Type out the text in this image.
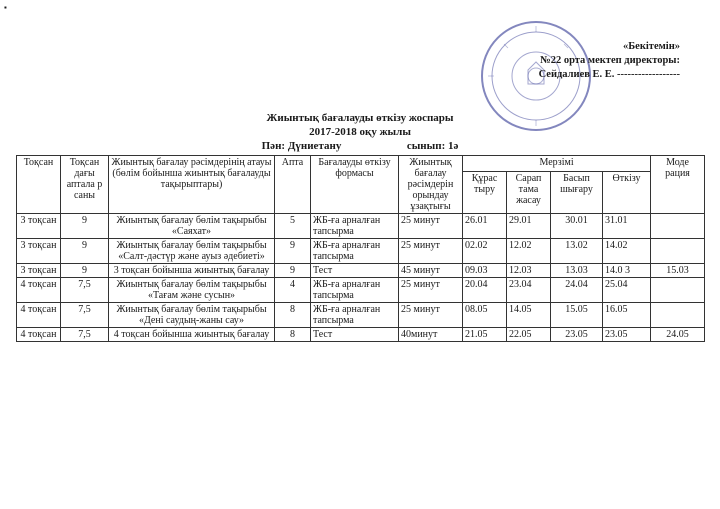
▪
«Бекітемін»
№22 орта мектеп директоры:
Сейдалиев Е. Е. ------------------
Жиынтық бағалауды өткізу жоспары
2017-2018 оқу жылы
Пән: Дүниетану	сынып: 1ә
Тоқсан	Тоқсан дағы аптала р саны	Жиынтық бағалау рәсімдерінің атауы (бөлім бойынша жиынтық бағалауды тақырыптары)	Апта	Бағалауды өткізу формасы	Жиынтық бағалау рәсімдерін орындау ұзақтығы	Мерзімі				Моде рация
						Құрас тыру	Сарап тама жасау	Басып шығару	Өткізу	
3 тоқсан	9	Жиынтық бағалау бөлім тақырыбы «Саяхат»	5	ЖБ-ға арналған тапсырма	25 минут	26.01	29.01	30.01	31.01	
3 тоқсан	9	Жиынтық бағалау бөлім тақырыбы «Салт-дәстүр және ауыз әдебиеті»	9	ЖБ-ға арналған тапсырма	25 минут	02.02	12.02	13.02	14.02	
3 тоқсан	9	3 тоқсан бойынша жиынтық бағалау	9	Тест	45 минут	09.03	12.03	13.03	14.0 3	15.03
4 тоқсан	7,5	Жиынтық бағалау бөлім тақырыбы «Тағам және сусын»	4	ЖБ-ға арналған тапсырма	25 минут	20.04	23.04	24.04	25.04	
4 тоқсан	7,5	Жиынтық бағалау бөлім тақырыбы «Дені саудың-жаны сау»	8	ЖБ-ға арналған тапсырма	25 минут	08.05	14.05	15.05	16.05	
4 тоқсан	7,5	4 тоқсан бойынша жиынтық бағалау	8	Тест	40минут	21.05	22.05	23.05	23.05	24.05
